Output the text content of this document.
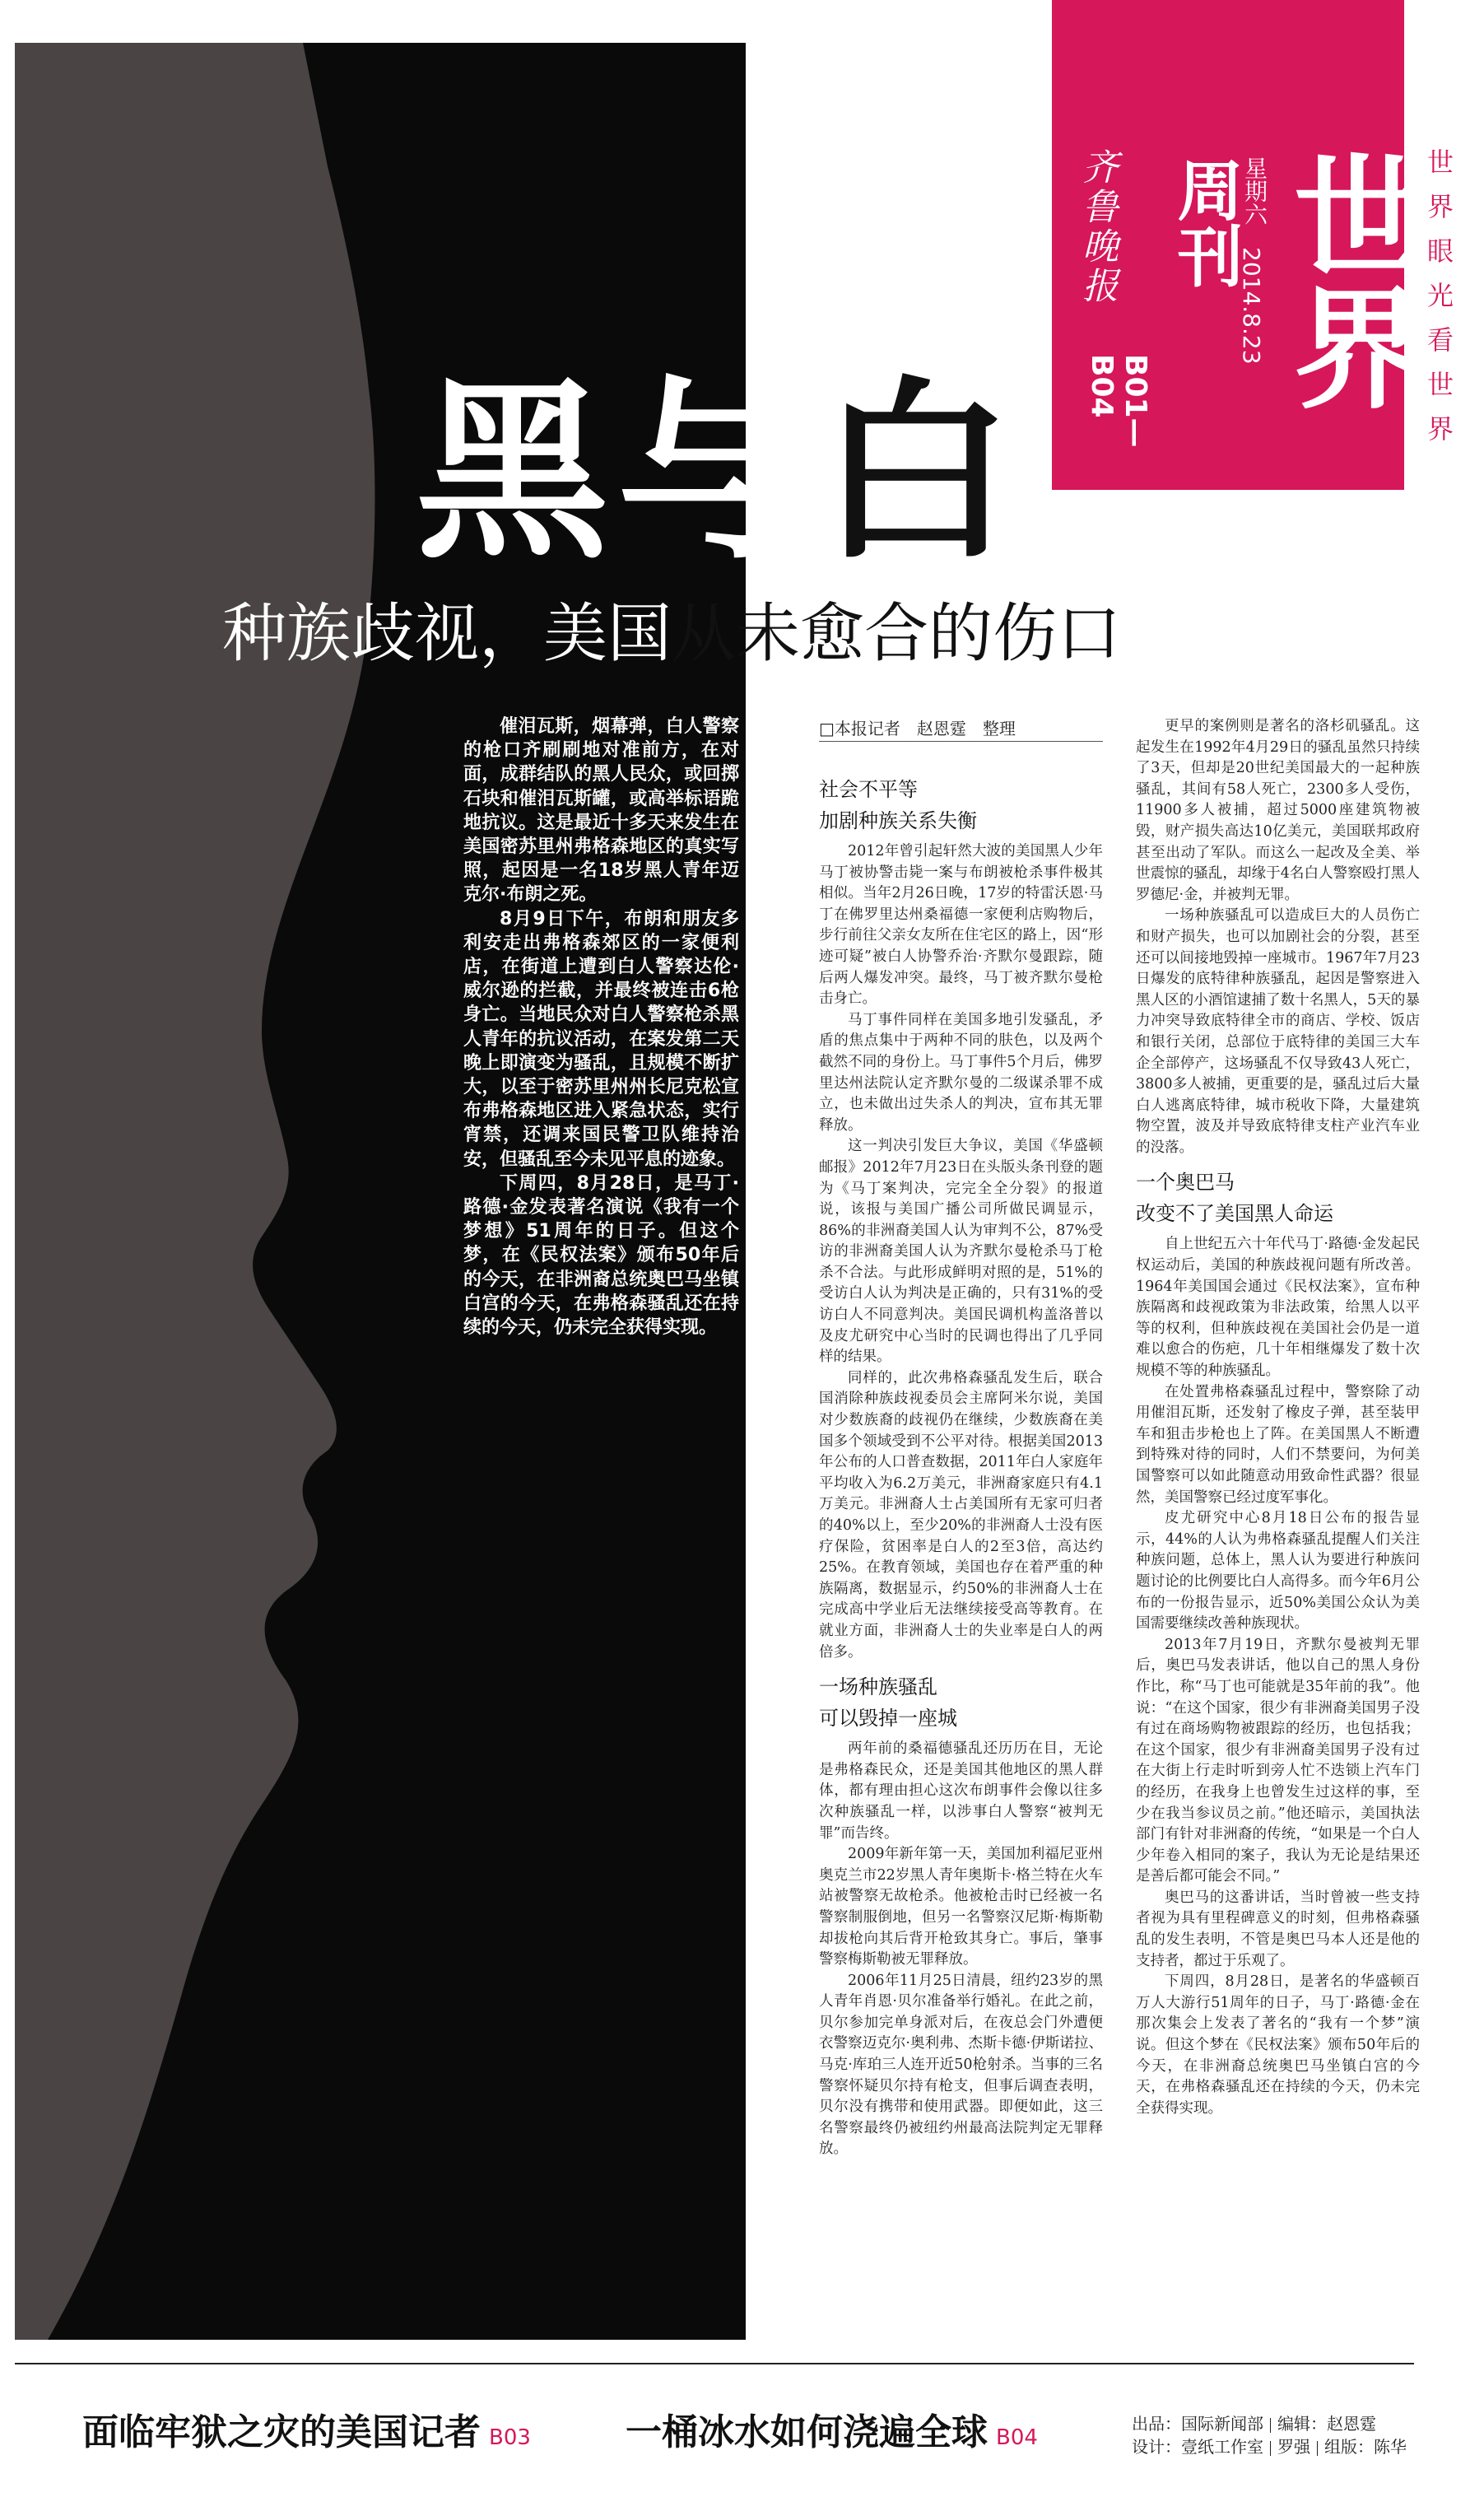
催泪瓦斯，烟幕弹，白人警察的枪口齐刷刷地对准前方，在对面，成群结队的黑人民众，或回掷石块和催泪瓦斯罐，或高举标语跪地抗议。这是最近十多天来发生在美国密苏里州弗格森地区的真实写照，起因是一名18岁黑人青年迈克尔·布朗之死。

8月9日下午，布朗和朋友多利安走出弗格森郊区的一家便利店，在街道上遭到白人警察达伦·威尔逊的拦截，并最终被连击6枪身亡。当地民众对白人警察枪杀黑人青年的抗议活动，在案发第二天晚上即演变为骚乱，且规模不断扩大，以至于密苏里州州长尼克松宣布弗格森地区进入紧急状态，实行宵禁，还调来国民警卫队维持治安，但骚乱至今未见平息的迹象。

下周四，8月28日，是马丁·路德·金发表著名演说《我有一个梦想》51周年的日子。但这个梦，在《民权法案》颁布50年后的今天，在非洲裔总统奥巴马坐镇白宫的今天，在弗格森骚乱还在持续的今天，仍未完全获得实现。

齐鲁晚报
B01—B04
周刊
星期六
2014.8.23 世界
世界眼光看世界
黑与白
种族歧视，美国从未愈合的伤口
□本报记者　赵恩霆　整理
社会不平等
加剧种族关系失衡

2012年曾引起轩然大波的美国黑人少年马丁被协警击毙一案与布朗被枪杀事件极其相似。当年2月26日晚，17岁的特雷沃恩·马丁在佛罗里达州桑福德一家便利店购物后，步行前往父亲女友所在住宅区的路上，因“形迹可疑”被白人协警乔治·齐默尔曼跟踪，随后两人爆发冲突。最终，马丁被齐默尔曼枪击身亡。

马丁事件同样在美国多地引发骚乱，矛盾的焦点集中于两种不同的肤色，以及两个截然不同的身份上。马丁事件5个月后，佛罗里达州法院认定齐默尔曼的二级谋杀罪不成立，也未做出过失杀人的判决，宣布其无罪释放。

这一判决引发巨大争议，美国《华盛顿邮报》2012年7月23日在头版头条刊登的题为《马丁案判决，完完全全分裂》的报道说，该报与美国广播公司所做民调显示，86%的非洲裔美国人认为审判不公，87%受访的非洲裔美国人认为齐默尔曼枪杀马丁枪杀不合法。与此形成鲜明对照的是，51%的受访白人认为判决是正确的，只有31%的受访白人不同意判决。美国民调机构盖洛普以及皮尤研究中心当时的民调也得出了几乎同样的结果。

同样的，此次弗格森骚乱发生后，联合国消除种族歧视委员会主席阿米尔说，美国对少数族裔的歧视仍在继续，少数族裔在美国多个领域受到不公平对待。根据美国2013年公布的人口普查数据，2011年白人家庭年平均收入为6.2万美元，非洲裔家庭只有4.1万美元。非洲裔人士占美国所有无家可归者的40%以上，至少20%的非洲裔人士没有医疗保险，贫困率是白人的2至3倍，高达约25%。在教育领域，美国也存在着严重的种族隔离，数据显示，约50%的非洲裔人士在完成高中学业后无法继续接受高等教育。在就业方面，非洲裔人士的失业率是白人的两倍多。

一场种族骚乱
可以毁掉一座城

两年前的桑福德骚乱还历历在目，无论是弗格森民众，还是美国其他地区的黑人群体，都有理由担心这次布朗事件会像以往多次种族骚乱一样，以涉事白人警察“被判无罪”而告终。

2009年新年第一天，美国加利福尼亚州奥克兰市22岁黑人青年奥斯卡·格兰特在火车站被警察无故枪杀。他被枪击时已经被一名警察制服倒地，但另一名警察汉尼斯·梅斯勒却拔枪向其后背开枪致其身亡。事后，肇事警察梅斯勒被无罪释放。

2006年11月25日清晨，纽约23岁的黑人青年肖恩·贝尔准备举行婚礼。在此之前，贝尔参加完单身派对后，在夜总会门外遭便衣警察迈克尔·奥利弗、杰斯卡德·伊斯诺拉、马克·库珀三人连开近50枪射杀。当事的三名警察怀疑贝尔持有枪支，但事后调查表明，贝尔没有携带和使用武器。即便如此，这三名警察最终仍被纽约州最高法院判定无罪释放。

更早的案例则是著名的洛杉矶骚乱。这起发生在1992年4月29日的骚乱虽然只持续了3天，但却是20世纪美国最大的一起种族骚乱，其间有58人死亡，2300多人受伤，11900多人被捕，超过5000座建筑物被毁，财产损失高达10亿美元，美国联邦政府甚至出动了军队。而这么一起改及全美、举世震惊的骚乱，却缘于4名白人警察殴打黑人罗德尼·金，并被判无罪。

一场种族骚乱可以造成巨大的人员伤亡和财产损失，也可以加剧社会的分裂，甚至还可以间接地毁掉一座城市。1967年7月23日爆发的底特律种族骚乱，起因是警察进入黑人区的小酒馆逮捕了数十名黑人，5天的暴力冲突导致底特律全市的商店、学校、饭店和银行关闭，总部位于底特律的美国三大车企全部停产，这场骚乱不仅导致43人死亡，3800多人被捕，更重要的是，骚乱过后大量白人逃离底特律，城市税收下降，大量建筑物空置，波及并导致底特律支柱产业汽车业的没落。

一个奥巴马
改变不了美国黑人命运

自上世纪五六十年代马丁·路德·金发起民权运动后，美国的种族歧视问题有所改善。1964年美国国会通过《民权法案》，宣布种族隔离和歧视政策为非法政策，给黑人以平等的权利，但种族歧视在美国社会仍是一道难以愈合的伤疤，几十年相继爆发了数十次规模不等的种族骚乱。

在处置弗格森骚乱过程中，警察除了动用催泪瓦斯，还发射了橡皮子弹，甚至装甲车和狙击步枪也上了阵。在美国黑人不断遭到特殊对待的同时，人们不禁要问，为何美国警察可以如此随意动用致命性武器？很显然，美国警察已经过度军事化。

皮尤研究中心8月18日公布的报告显示，44%的人认为弗格森骚乱提醒人们关注种族问题，总体上，黑人认为要进行种族问题讨论的比例要比白人高得多。而今年6月公布的一份报告显示，近50%美国公众认为美国需要继续改善种族现状。

2013年7月19日，齐默尔曼被判无罪后，奥巴马发表讲话，他以自己的黑人身份作比，称“马丁也可能就是35年前的我”。他说：“在这个国家，很少有非洲裔美国男子没有过在商场购物被跟踪的经历，也包括我；在这个国家，很少有非洲裔美国男子没有过在大街上行走时听到旁人忙不迭锁上汽车门的经历，在我身上也曾发生过这样的事，至少在我当参议员之前。”他还暗示，美国执法部门有针对非洲裔的传统，“如果是一个白人少年卷入相同的案子，我认为无论是结果还是善后都可能会不同。”

奥巴马的这番讲话，当时曾被一些支持者视为具有里程碑意义的时刻，但弗格森骚乱的发生表明，不管是奥巴马本人还是他的支持者，都过于乐观了。

下周四，8月28日，是著名的华盛顿百万人大游行51周年的日子，马丁·路德·金在那次集会上发表了著名的“我有一个梦”演说。但这个梦在《民权法案》颁布50年后的今天，在非洲裔总统奥巴马坐镇白宫的今天，在弗格森骚乱还在持续的今天，仍未完全获得实现。

面临牢狱之灾的美国记者 B03	一桶冰水如何浇遍全球 B04
出品：国际新闻部 编辑：赵恩霆
设计：壹纸工作室 罗强 组版：陈华
